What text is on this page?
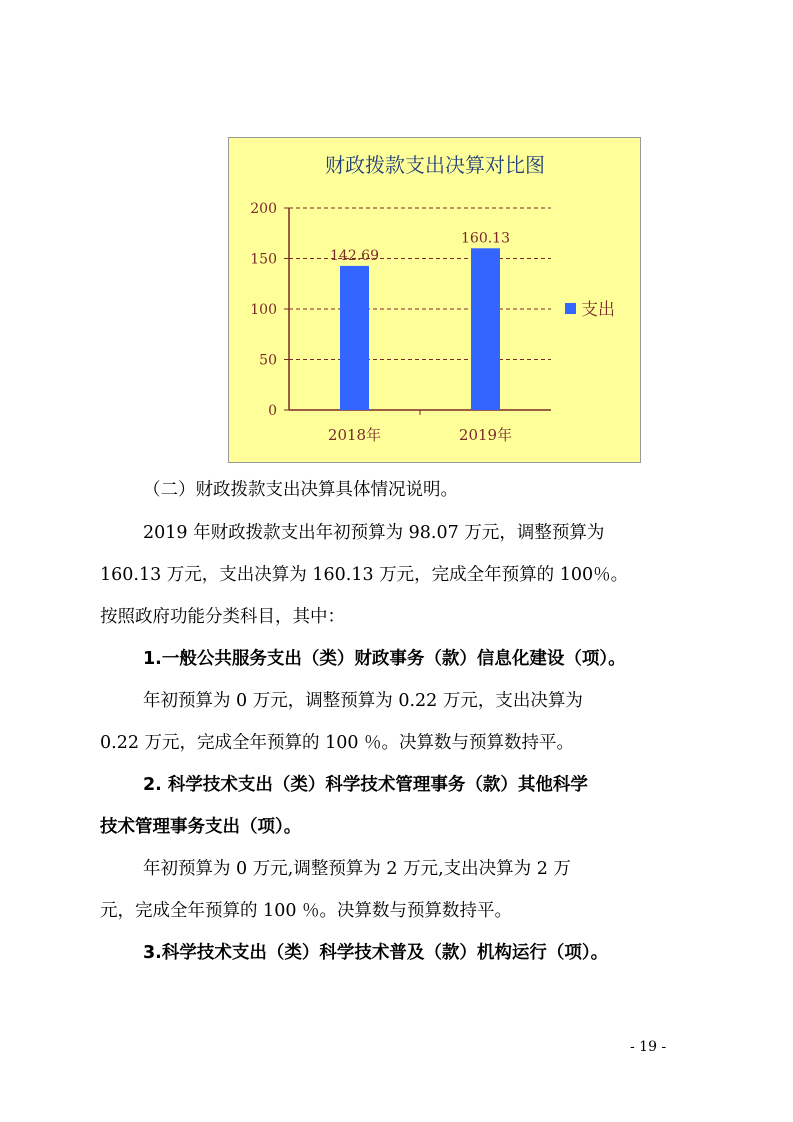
财政拨款支出决算对比图
0
50
100
150
200
142.69
2018年
160.13
2019年
支出
（二）财政拨款支出决算具体情况说明。
2019 年财政拨款支出年初预算为 98.07 万元，调整预算为
160.13 万元，支出决算为 160.13 万元，完成全年预算的 100％。
按照政府功能分类科目，其中：
1.一般公共服务支出（类）财政事务（款）信息化建设（项）。
年初预算为 0 万元，调整预算为 0.22 万元，支出决算为
0.22 万元，完成全年预算的 100 ％。决算数与预算数持平。
2. 科学技术支出（类）科学技术管理事务（款）其他科学
技术管理事务支出（项）。
年初预算为 0 万元,调整预算为 2 万元,支出决算为 2 万
元，完成全年预算的 100 ％。决算数与预算数持平。
3.科学技术支出（类）科学技术普及（款）机构运行（项）。
- 19 -
